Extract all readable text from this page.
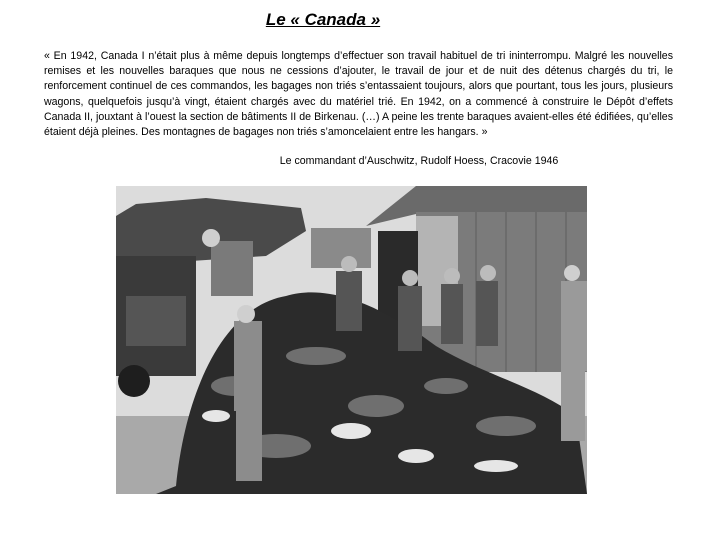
Le « Canada »

« En 1942, Canada I n’était plus à même depuis longtemps d’effectuer son travail habituel de tri ininterrompu. Malgré les nouvelles remises et les nouvelles baraques que nous ne cessions d’ajouter, le travail de jour et de nuit des détenus chargés du tri, le renforcement continuel de ces commandos, les bagages non triés s’entassaient toujours, alors que pourtant, tous les jours, plusieurs wagons, quelquefois jusqu’à vingt, étaient chargés avec du matériel trié. En 1942, on a commencé à construire le Dépôt d’effets Canada II, jouxtant à l’ouest la section de bâtiments II de Birkenau. (…) A peine les trente baraques avaient-elles été édifiées, qu’elles étaient déjà pleines. Des montagnes de bagages non triés s’amoncelaient entre les hangars. »

Le commandant d’Auschwitz, Rudolf Hoess, Cracovie 1946
